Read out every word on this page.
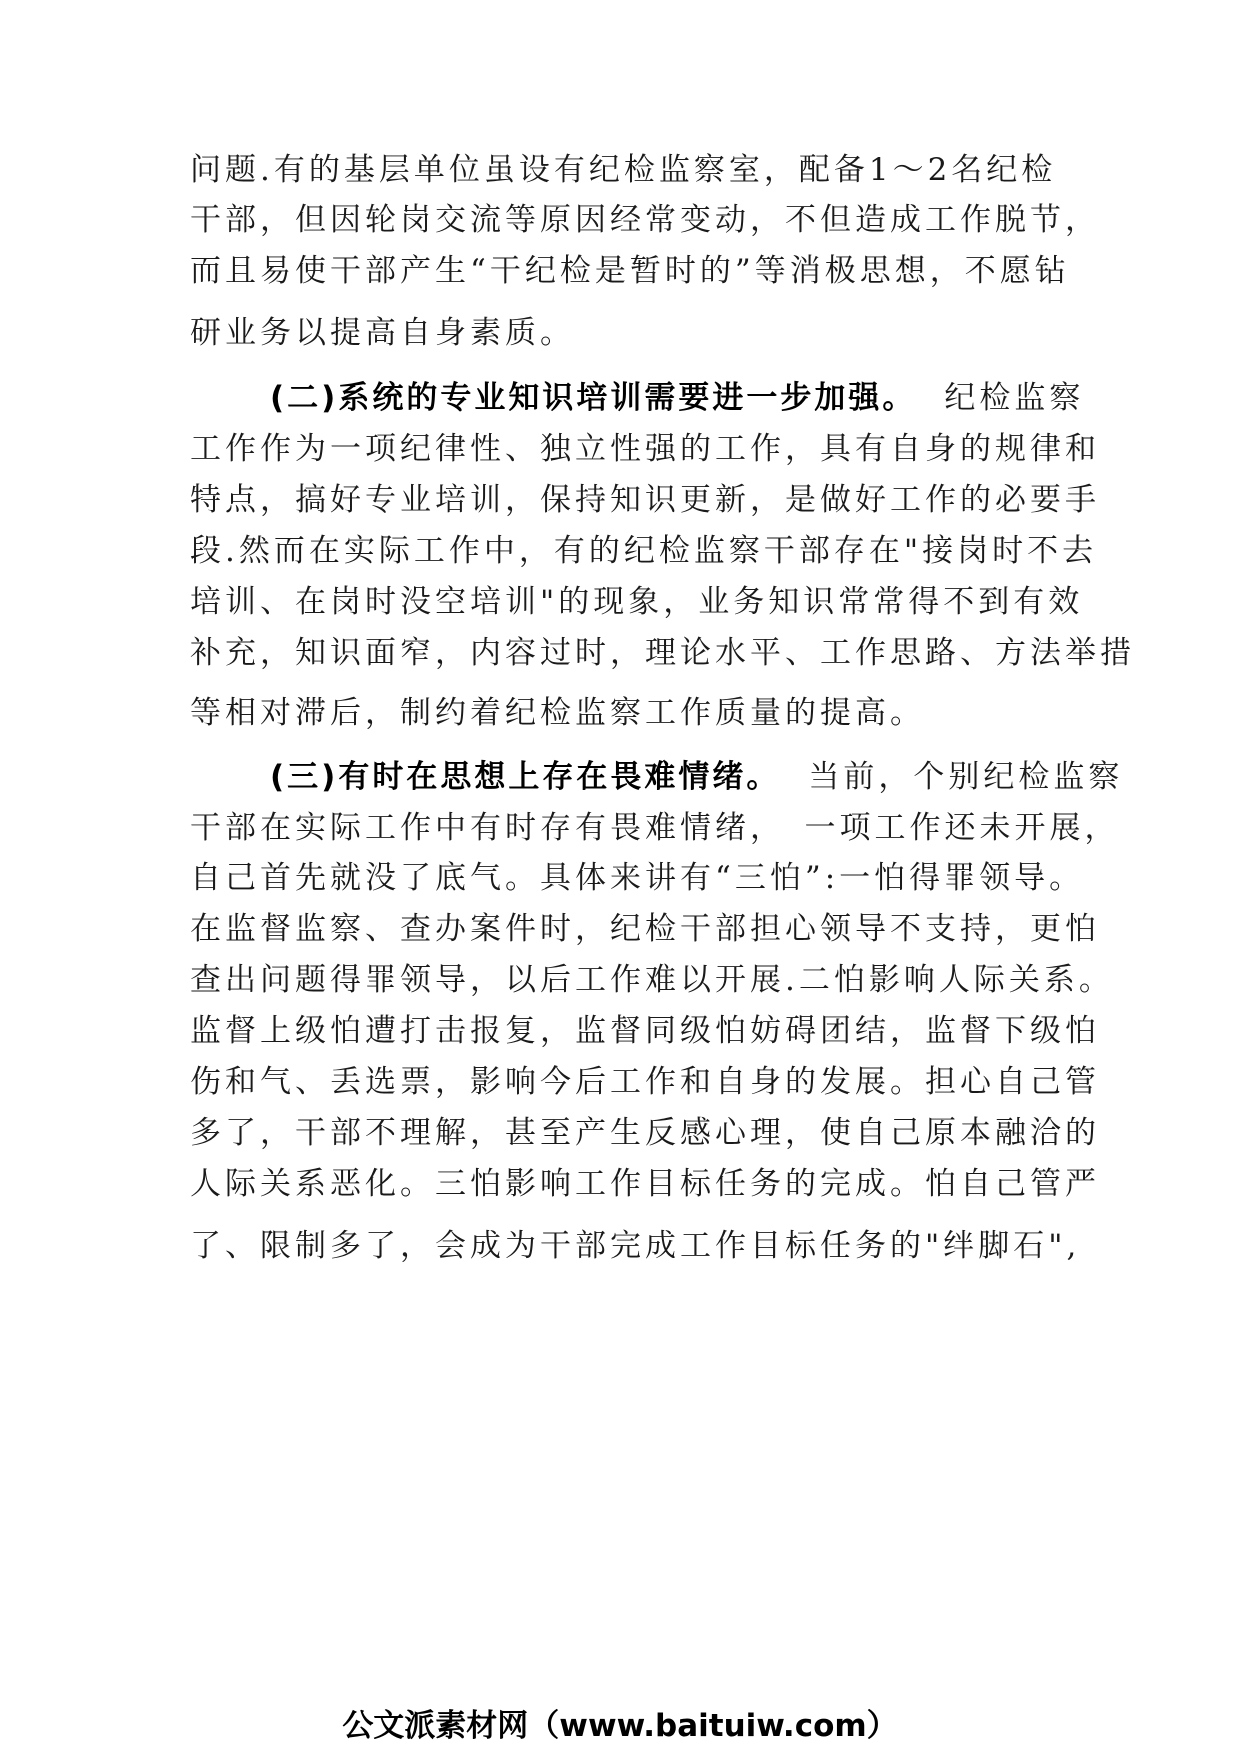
问题.有的基层单位虽设有纪检监察室，配备1～2名纪检
干部，但因轮岗交流等原因经常变动，不但造成工作脱节，
而且易使干部产生“干纪检是暂时的”等消极思想，不愿钻
研业务以提高自身素质。
(二)系统的专业知识培训需要进一步加强。 纪检监察
工作作为一项纪律性、独立性强的工作，具有自身的规律和
特点，搞好专业培训，保持知识更新，是做好工作的必要手
段.然而在实际工作中，有的纪检监察干部存在"接岗时不去
培训、在岗时没空培训"的现象，业务知识常常得不到有效
补充，知识面窄，内容过时，理论水平、工作思路、方法举措
等相对滞后，制约着纪检监察工作质量的提高。
(三)有时在思想上存在畏难情绪。 当前，个别纪检监察
干部在实际工作中有时存有畏难情绪，　一项工作还未开展，
自己首先就没了底气。具体来讲有“三怕”:一怕得罪领导。
在监督监察、查办案件时，纪检干部担心领导不支持，更怕
查出问题得罪领导，以后工作难以开展.二怕影响人际关系。
监督上级怕遭打击报复，监督同级怕妨碍团结，监督下级怕
伤和气、丢选票，影响今后工作和自身的发展。担心自己管
多了，干部不理解，甚至产生反感心理，使自己原本融洽的
人际关系恶化。三怕影响工作目标任务的完成。怕自己管严
了、限制多了，会成为干部完成工作目标任务的"绊脚石",
公文派素材网（www.baituiw.com）
